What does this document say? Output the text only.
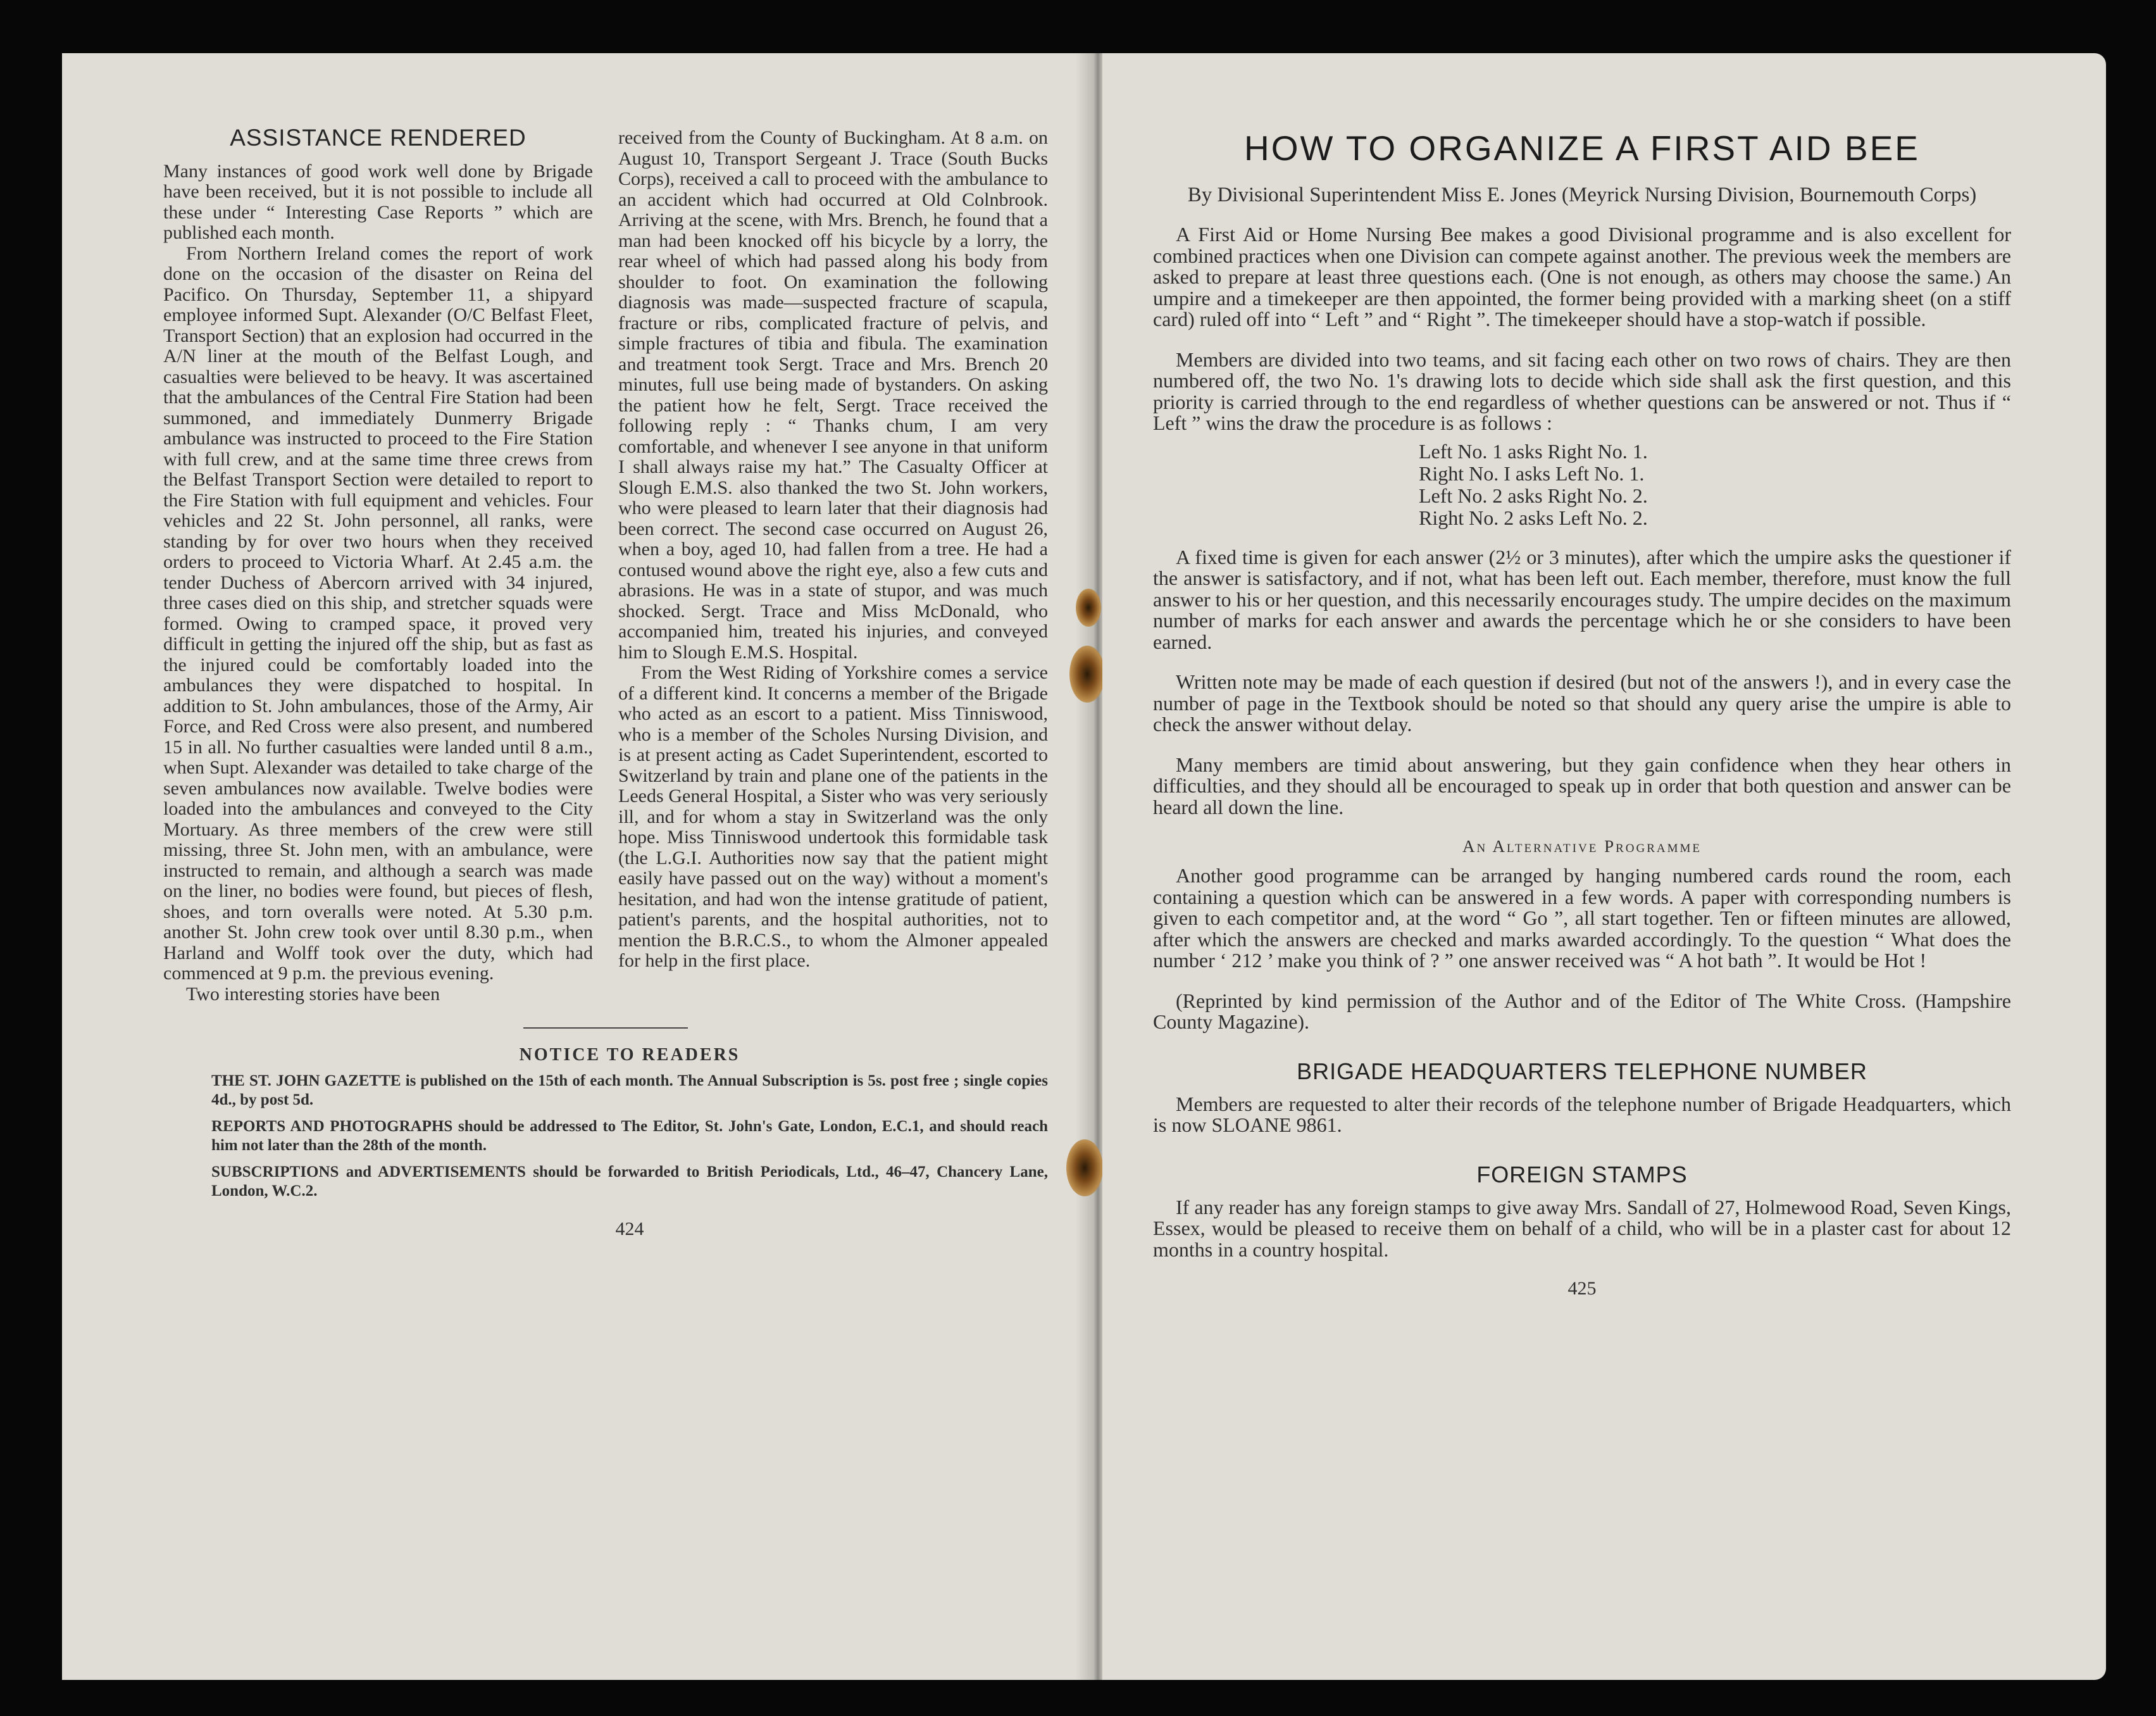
ASSISTANCE RENDERED

Many instances of good work well done by Brigade have been received, but it is not possible to include all these under “ Interesting Case Reports ” which are published each month.

From Northern Ireland comes the report of work done on the occasion of the disaster on Reina del Pacifico. On Thursday, September 11, a shipyard employee informed Supt. Alexander (O/C Belfast Fleet, Transport Section) that an explosion had occurred in the A/N liner at the mouth of the Belfast Lough, and casualties were believed to be heavy. It was ascertained that the ambulances of the Central Fire Station had been summoned, and immediately Dunmerry Brigade ambulance was instructed to proceed to the Fire Station with full crew, and at the same time three crews from the Belfast Transport Section were detailed to report to the Fire Station with full equipment and vehicles. Four vehicles and 22 St. John personnel, all ranks, were standing by for over two hours when they received orders to proceed to Victoria Wharf. At 2.45 a.m. the tender Duchess of Abercorn arrived with 34 injured, three cases died on this ship, and stretcher squads were formed. Owing to cramped space, it proved very difficult in getting the injured off the ship, but as fast as the injured could be comfortably loaded into the ambulances they were dispatched to hospital. In addition to St. John ambulances, those of the Army, Air Force, and Red Cross were also present, and numbered 15 in all. No further casualties were landed until 8 a.m., when Supt. Alexander was detailed to take charge of the seven ambulances now available. Twelve bodies were loaded into the ambulances and conveyed to the City Mortuary. As three members of the crew were still missing, three St. John men, with an ambulance, were instructed to remain, and although a search was made on the liner, no bodies were found, but pieces of flesh, shoes, and torn overalls were noted. At 5.30 p.m. another St. John crew took over until 8.30 p.m., when Harland and Wolff took over the duty, which had commenced at 9 p.m. the previous evening.

Two interesting stories have been

received from the County of Buckingham. At 8 a.m. on August 10, Transport Sergeant J. Trace (South Bucks Corps), received a call to proceed with the ambulance to an accident which had occurred at Old Colnbrook. Arriving at the scene, with Mrs. Brench, he found that a man had been knocked off his bicycle by a lorry, the rear wheel of which had passed along his body from shoulder to foot. On examination the following diagnosis was made—suspected fracture of scapula, fracture or ribs, complicated fracture of pelvis, and simple fractures of tibia and fibula. The examination and treatment took Sergt. Trace and Mrs. Brench 20 minutes, full use being made of bystanders. On asking the patient how he felt, Sergt. Trace received the following reply : “ Thanks chum, I am very comfortable, and whenever I see anyone in that uniform I shall always raise my hat.” The Casualty Officer at Slough E.M.S. also thanked the two St. John workers, who were pleased to learn later that their diagnosis had been correct. The second case occurred on August 26, when a boy, aged 10, had fallen from a tree. He had a contused wound above the right eye, also a few cuts and abrasions. He was in a state of stupor, and was much shocked. Sergt. Trace and Miss McDonald, who accompanied him, treated his injuries, and conveyed him to Slough E.M.S. Hospital.

From the West Riding of Yorkshire comes a service of a different kind. It concerns a member of the Brigade who acted as an escort to a patient. Miss Tinniswood, who is a member of the Scholes Nursing Division, and is at present acting as Cadet Superintendent, escorted to Switzerland by train and plane one of the patients in the Leeds General Hospital, a Sister who was very seriously ill, and for whom a stay in Switzerland was the only hope. Miss Tinniswood undertook this formidable task (the L.G.I. Authorities now say that the patient might easily have passed out on the way) without a moment's hesitation, and had won the intense gratitude of patient, patient's parents, and the hospital authorities, not to mention the B.R.C.S., to whom the Almoner appealed for help in the first place.

NOTICE TO READERS

THE ST. JOHN GAZETTE is published on the 15th of each month. The Annual Subscription is 5s. post free ; single copies 4d., by post 5d.

REPORTS AND PHOTOGRAPHS should be addressed to The Editor, St. John's Gate, London, E.C.1, and should reach him not later than the 28th of the month.

SUBSCRIPTIONS and ADVERTISEMENTS should be forwarded to British Periodicals, Ltd., 46–47, Chancery Lane, London, W.C.2.

424
HOW TO ORGANIZE A FIRST AID BEE
By Divisional Superintendent Miss E. Jones (Meyrick Nursing Division, Bournemouth Corps)

A First Aid or Home Nursing Bee makes a good Divisional programme and is also excellent for combined practices when one Division can compete against another. The previous week the members are asked to prepare at least three questions each. (One is not enough, as others may choose the same.) An umpire and a timekeeper are then appointed, the former being provided with a marking sheet (on a stiff card) ruled off into “ Left ” and “ Right ”. The timekeeper should have a stop-watch if possible.

Members are divided into two teams, and sit facing each other on two rows of chairs. They are then numbered off, the two No. 1's drawing lots to decide which side shall ask the first question, and this priority is carried through to the end regardless of whether questions can be answered or not. Thus if “ Left ” wins the draw the procedure is as follows :

Left No. 1 asks Right No. 1.
Right No. I asks Left No. 1.
Left No. 2 asks Right No. 2.
Right No. 2 asks Left No. 2.

A fixed time is given for each answer (2½ or 3 minutes), after which the umpire asks the questioner if the answer is satisfactory, and if not, what has been left out. Each member, therefore, must know the full answer to his or her question, and this necessarily encourages study. The umpire decides on the maximum number of marks for each answer and awards the percentage which he or she considers to have been earned.

Written note may be made of each question if desired (but not of the answers !), and in every case the number of page in the Textbook should be noted so that should any query arise the umpire is able to check the answer without delay.

Many members are timid about answering, but they gain confidence when they hear others in difficulties, and they should all be encouraged to speak up in order that both question and answer can be heard all down the line.

An Alternative Programme

Another good programme can be arranged by hanging numbered cards round the room, each containing a question which can be answered in a few words. A paper with corresponding numbers is given to each competitor and, at the word “ Go ”, all start together. Ten or fifteen minutes are allowed, after which the answers are checked and marks awarded accordingly. To the question “ What does the number ‘ 212 ’ make you think of ? ” one answer received was “ A hot bath ”. It would be Hot !

(Reprinted by kind permission of the Author and of the Editor of The White Cross. (Hampshire County Magazine).

BRIGADE HEADQUARTERS TELEPHONE NUMBER

Members are requested to alter their records of the telephone number of Brigade Headquarters, which is now SLOANE 9861.

FOREIGN STAMPS

If any reader has any foreign stamps to give away Mrs. Sandall of 27, Holmewood Road, Seven Kings, Essex, would be pleased to receive them on behalf of a child, who will be in a plaster cast for about 12 months in a country hospital.

425
